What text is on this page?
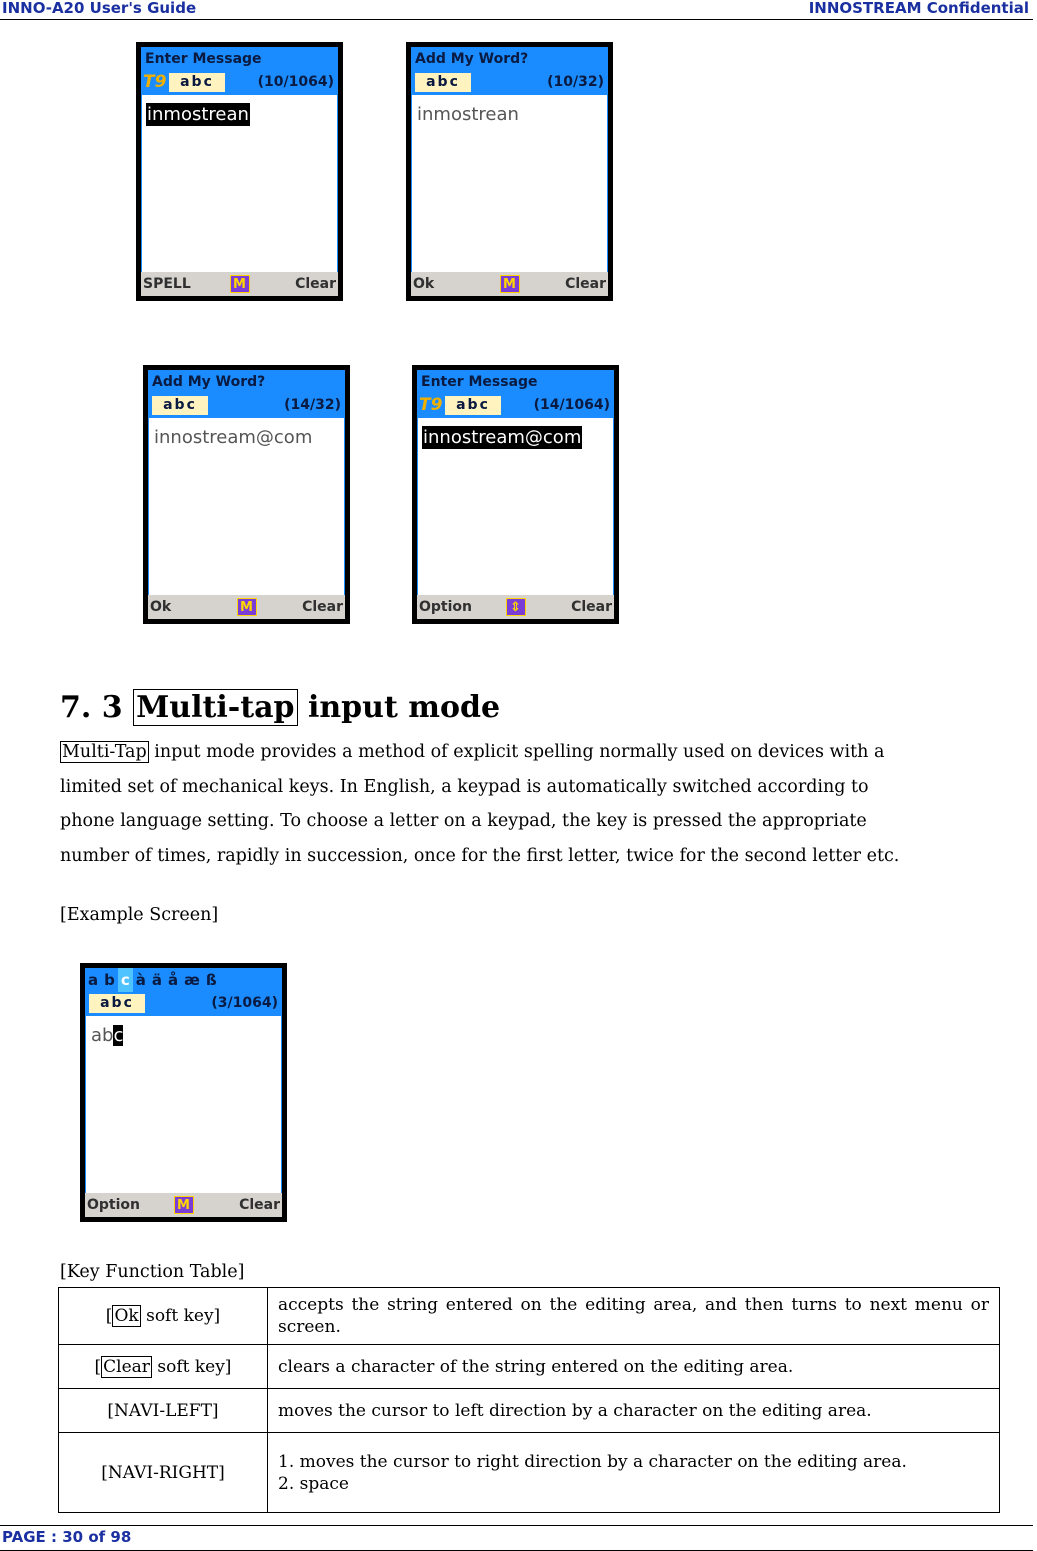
INNO-A20 User's Guide	INNOSTREAM Confidential
Enter Message
T9 abc	(10/1064)
inmostrean
SPELL	M	Clear
Add My Word?
abc	(10/32)
inmostrean
Ok	M	Clear
Add My Word?
abc	(14/32)
innostream@com
Ok	M	Clear
Enter Message
T9 abc	(14/1064)
innostream@com
Option	⇕	Clear
7. 3 Multi-tap input mode
Multi-Tap input mode provides a method of explicit spelling normally used on devices with a
limited set of mechanical keys. In English, a keypad is automatically switched according to
phone language setting. To choose a letter on a keypad, the key is pressed the appropriate
number of times, rapidly in succession, once for the first letter, twice for the second letter etc.
[Example Screen]
a b c à ä å æ ß
abc	(3/1064)
abc
Option	M	Clear
[Key Function Table]
[ Ok soft key]	accepts the string entered on the editing area, and then turns to next menu or screen.
[ Clear soft key]	clears a character of the string entered on the editing area.
[NAVI-LEFT]	moves the cursor to left direction by a character on the editing area.
[NAVI-RIGHT]	1. moves the cursor to right direction by a character on the editing area.
2. space
PAGE : 30 of 98
